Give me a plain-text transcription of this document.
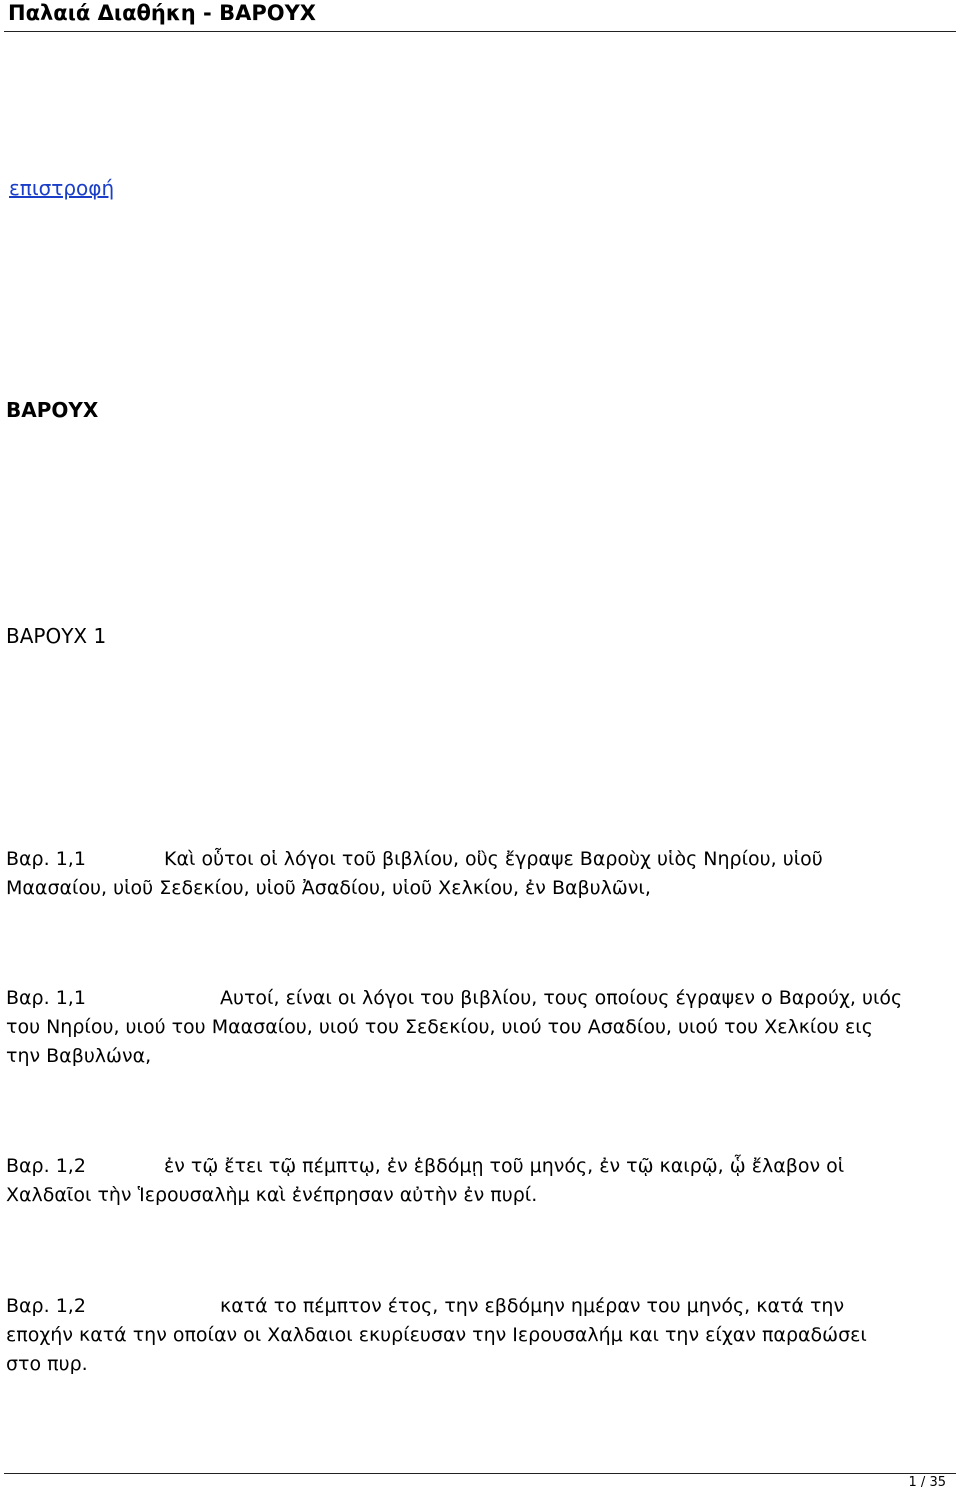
Παλαιά Διαθήκη - ΒΑΡΟΥΧ
επιστροφή
ΒΑΡΟΥΧ
ΒΑΡΟΥΧ 1
Βαρ. 1,1	Καὶ οὗτοι οἱ λόγοι τοῦ βιβλίου, οὓς ἔγραψε Βαροὺχ υἱὸς Νηρίου, υἱοῦ
Μαασαίου, υἱοῦ Σεδεκίου, υἱοῦ Ἀσαδίου, υἱοῦ Χελκίου, ἐν Βαβυλῶνι,
Βαρ. 1,1	Αυτοί, είναι οι λόγοι του βιβλίου, τους οποίους έγραψεν ο Βαρούχ, υιός
του Νηρίου, υιού του Μαασαίου, υιού του Σεδεκίου, υιού του Ασαδίου, υιού του Χελκίου εις
την Βαβυλώνα,
Βαρ. 1,2	ἐν τῷ ἔτει τῷ πέμπτῳ, ἐν ἑβδόμῃ τοῦ μηνός, ἐν τῷ καιρῷ, ᾧ ἔλαβον οἱ
Χαλδαῖοι τὴν Ἱερουσαλὴμ καὶ ἐνέπρησαν αὐτὴν ἐν πυρί.
Βαρ. 1,2	κατά το πέμπτον έτος, την εβδόμην ημέραν του μηνός, κατά την
εποχήν κατά την οποίαν οι Χαλδαιοι εκυρίευσαν την Ιερουσαλήμ και την είχαν παραδώσει
στο πυρ.
1 / 35
